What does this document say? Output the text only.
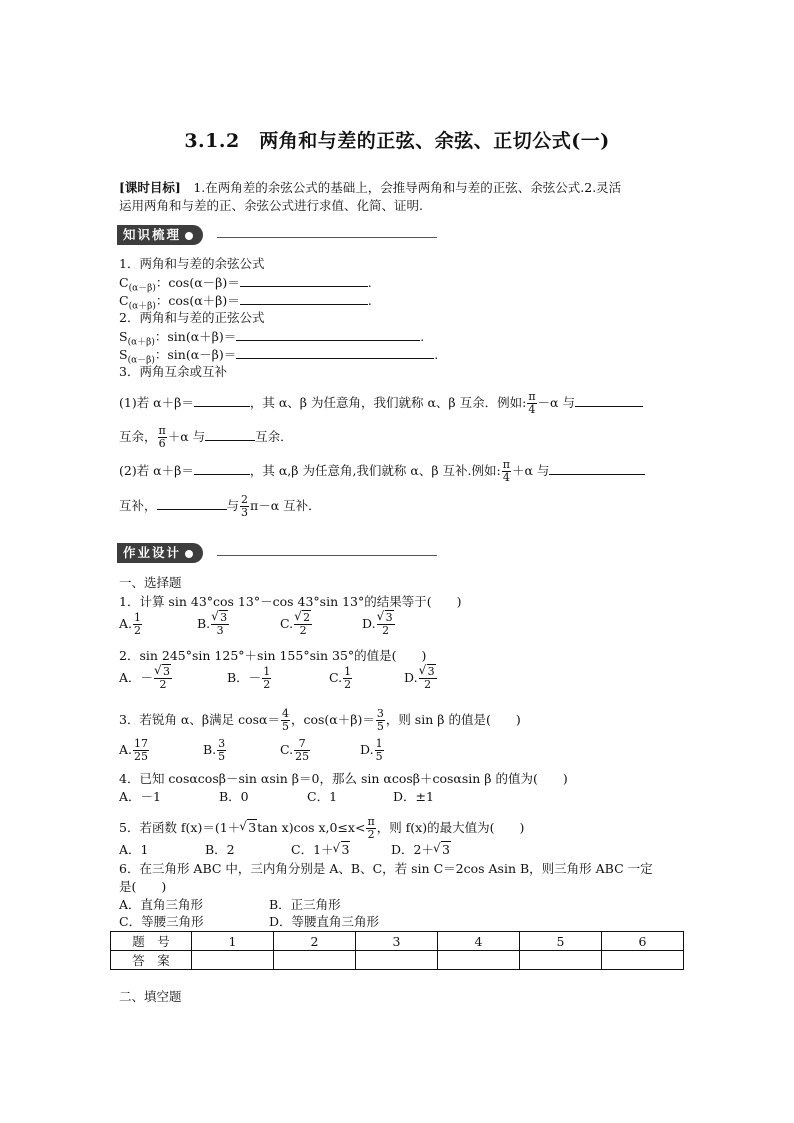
3.1.2　两角和与差的正弦、余弦、正切公式(一)
[课时目标]　 1.在两角差的余弦公式的基础上，会推导两角和与差的正弦、余弦公式.2.灵活
运用两角和与差的正、余弦公式进行求值、化简、证明.
知识梳理
1．两角和与差的余弦公式
$C_{(\alpha-\beta)}$：cos(α－β)＝	.
$C_{(\alpha+\beta)}$：cos(α＋β)＝	.
2．两角和与差的正弦公式
$S_{(\alpha+\beta)}$：sin(α＋β)＝	.
$S_{(\alpha-\beta)}$：sin(α－β)＝	.
3．两角互余或互补
(1)若 α＋β＝	，其 α、β 为任意角，我们就称 α、β 互余．例如: $\frac{\pi}{4} -\alpha$ 与
互余， $\frac{\pi}{6} +\alpha$ 与	互余．
(2)若 α＋β＝	，其 α,β 为任意角,我们就称 α、β 互补.例如: $\frac{\pi}{4} +\alpha$ 与
互补，	与 $\frac{2}{3} \pi-\alpha$ 互补．
作业设计
一、选择题
1．计算 sin 43°cos 13°－cos 43°sin 13°的结果等于(　　)
A. $\frac{1}{2}$	B. √ $\frac{3}{3}$	C. √ $\frac{2}{2}$	D. √ $\frac{3}{2}$
2．sin 245°sin 125°＋sin 155°sin 35°的值是(　　)
A．－ √ $\frac{3}{2}$	B．－ $\frac{1}{2}$	C. $\frac{1}{2}$	D. √ $\frac{3}{2}$
3．若锐角 α、β满足 $\cos\alpha= \frac{4}{5}$ ，$\cos(\alpha+\beta)= \frac{3}{5}$ ，则 sin β 的值是(　　)
A. $\frac{17}{25}$	B. $\frac{3}{5}$	C. $\frac{7}{25}$	D. $\frac{1}{5}$
4．已知 cosαcosβ－sin αsin β＝0，那么 sin αcosβ＋cosαsin β 的值为(　　)
A．－1	B．0	C．1	D．±1
5．若函数 f(x)＝(1＋ √ 3tan x)cos $x,0\le x< \frac{\pi}{2}$ ，则 f(x)的最大值为(　　)
A．1	B．2	C．1＋ √ 3	D．2＋ √ 3
6．在三角形 ABC 中，三内角分别是 A、B、C，若 sin C＝2cos Asin B，则三角形 ABC 一定
是(　　)
A．直角三角形	B．正三角形
C．等腰三角形	D．等腰直角三角形
题　号	1	2	3	4	5	6
答　案						
二、填空题
